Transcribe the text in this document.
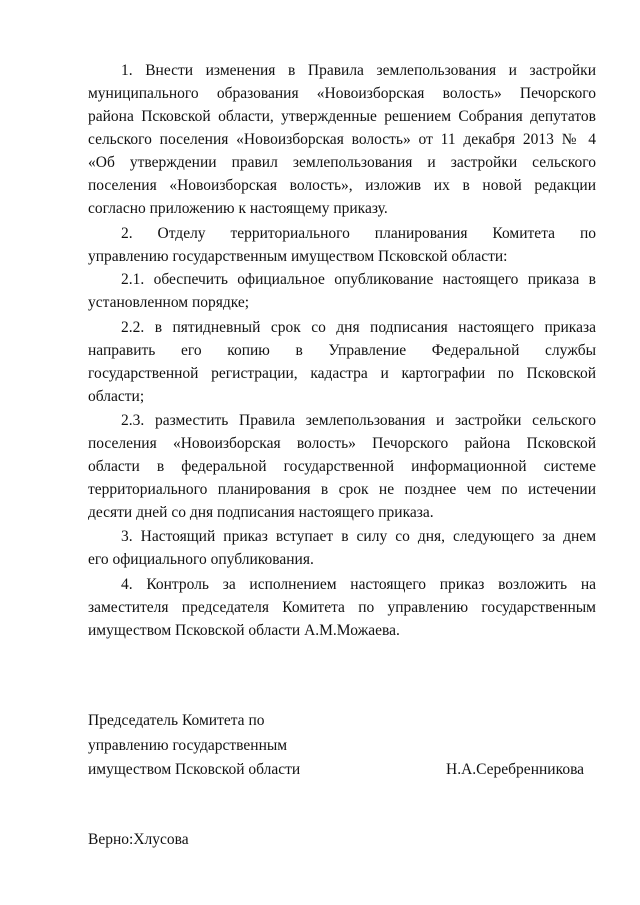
1. Внести изменения в Правила землепользования и застройки
муниципального образования «Новоизборская волость» Печорского
района Псковской области, утвержденные решением Собрания депутатов
сельского поселения «Новоизборская волость» от 11 декабря 2013 № 4
«Об утверждении правил землепользования и застройки сельского
поселения «Новоизборская волость», изложив их в новой редакции
согласно приложению к настоящему приказу.
2. Отделу территориального планирования Комитета по
управлению государственным имуществом Псковской области:
2.1. обеспечить официальное опубликование настоящего приказа в
установленном порядке;
2.2. в пятидневный срок со дня подписания настоящего приказа
направить его копию в Управление Федеральной службы
государственной регистрации, кадастра и картографии по Псковской
области;
2.3. разместить Правила землепользования и застройки сельского
поселения «Новоизборская волость» Печорского района Псковской
области в федеральной государственной информационной системе
территориального планирования в срок не позднее чем по истечении
десяти дней со дня подписания настоящего приказа.
3. Настоящий приказ вступает в силу со дня, следующего за днем
его официального опубликования.
4. Контроль за исполнением настоящего приказ возложить на
заместителя председателя Комитета по управлению государственным
имуществом Псковской области А.М.Можаева.
Председатель Комитета по
управлению государственным
имуществом Псковской области	Н.А.Серебренникова
Верно:Хлусова
